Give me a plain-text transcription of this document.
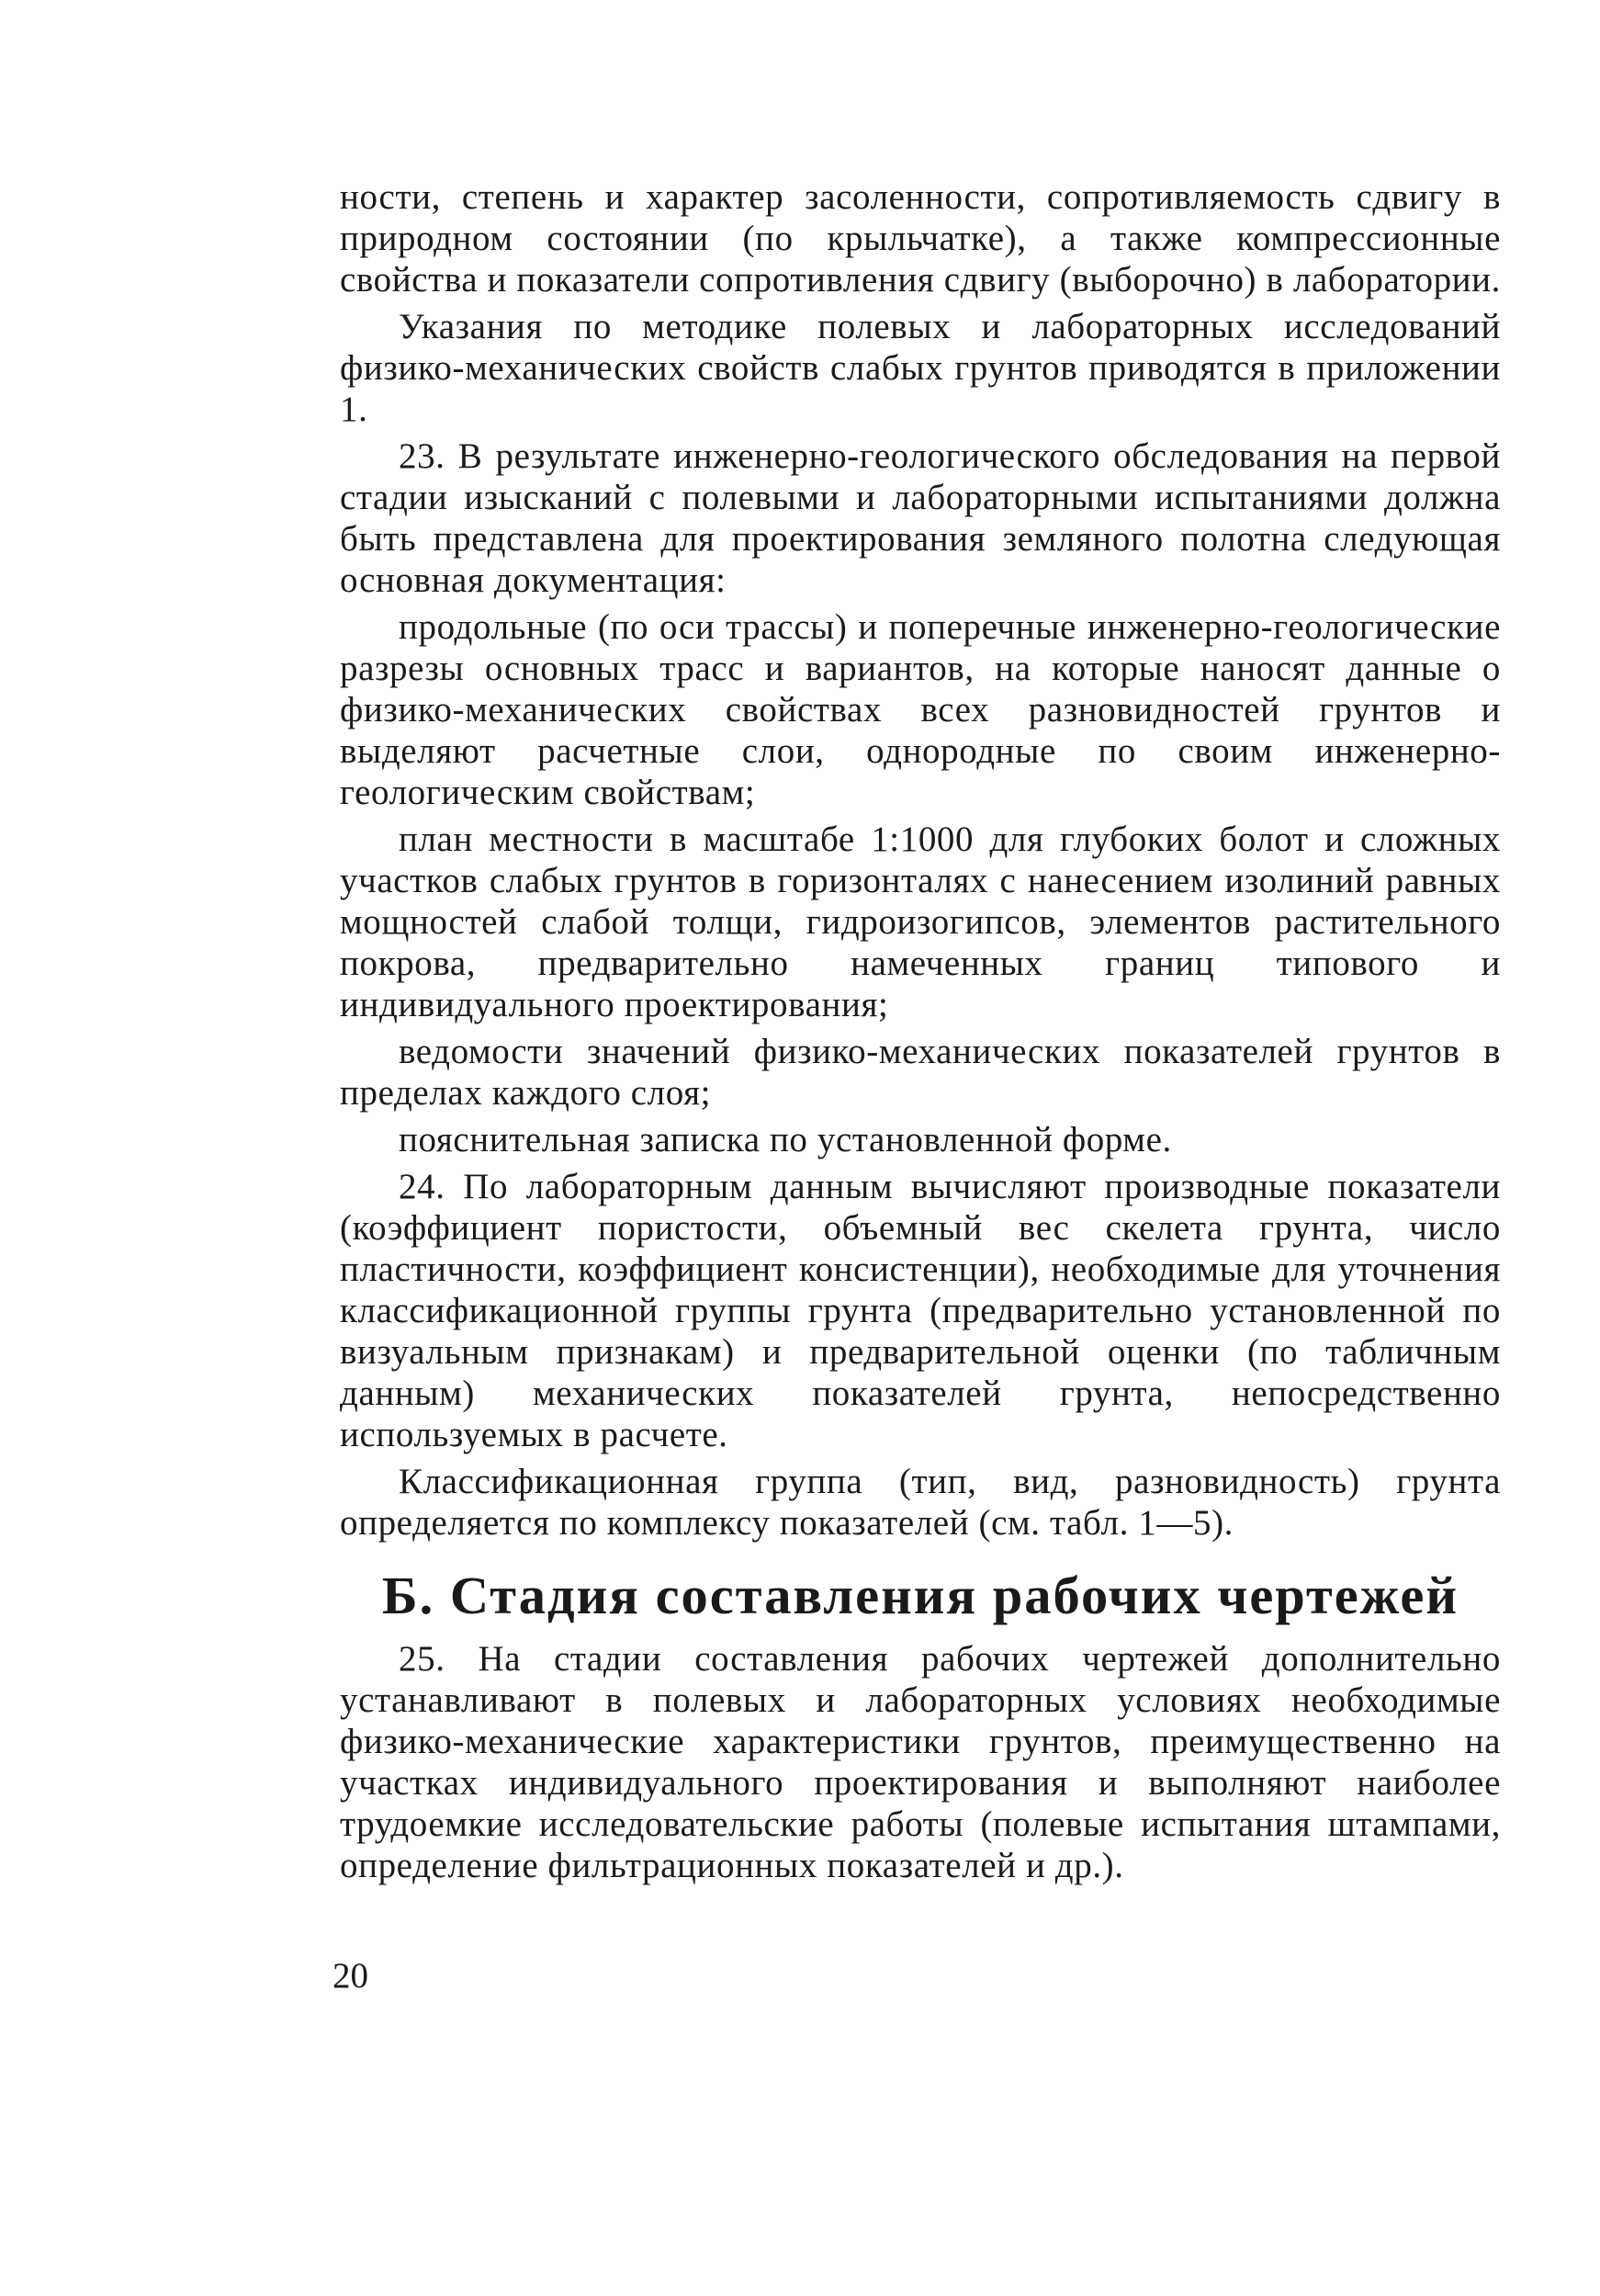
ности, степень и характер засоленности, сопротивляемость сдвигу в природном состоянии (по крыльчатке), а также компрессионные свойства и показатели сопротивления сдвигу (выборочно) в лаборатории.

Указания по методике полевых и лабораторных исследований физико-механических свойств слабых грунтов приводятся в приложении 1.

23. В результате инженерно-геологического обследования на первой стадии изысканий с полевыми и лабораторными испытаниями должна быть представлена для проектирования земляного полотна следующая основная документация:

продольные (по оси трассы) и поперечные инженерно-геологические разрезы основных трасс и вариантов, на которые наносят данные о физико-механических свойствах всех разновидностей грунтов и выделяют расчетные слои, однородные по своим инженерно-геологическим свойствам;

план местности в масштабе 1:1000 для глубоких болот и сложных участков слабых грунтов в горизонталях с нанесением изолиний равных мощностей слабой толщи, гидроизогипсов, элементов растительного покрова, предварительно намеченных границ типового и индивидуального проектирования;

ведомости значений физико-механических показателей грунтов в пределах каждого слоя;

пояснительная записка по установленной форме.

24. По лабораторным данным вычисляют производные показатели (коэффициент пористости, объемный вес скелета грунта, число пластичности, коэффициент консистенции), необходимые для уточнения классификационной группы грунта (предварительно установленной по визуальным признакам) и предварительной оценки (по табличным данным) механических показателей грунта, непосредственно используемых в расчете.

Классификационная группа (тип, вид, разновидность) грунта определяется по комплексу показателей (см. табл. 1—5).

Б. Стадия составления рабочих чертежей

25. На стадии составления рабочих чертежей дополнительно устанавливают в полевых и лабораторных условиях необходимые физико-механические характеристики грунтов, преимущественно на участках индивидуального проектирования и выполняют наиболее трудоемкие исследовательские работы (полевые испытания штампами, определение фильтрационных показателей и др.).

20
